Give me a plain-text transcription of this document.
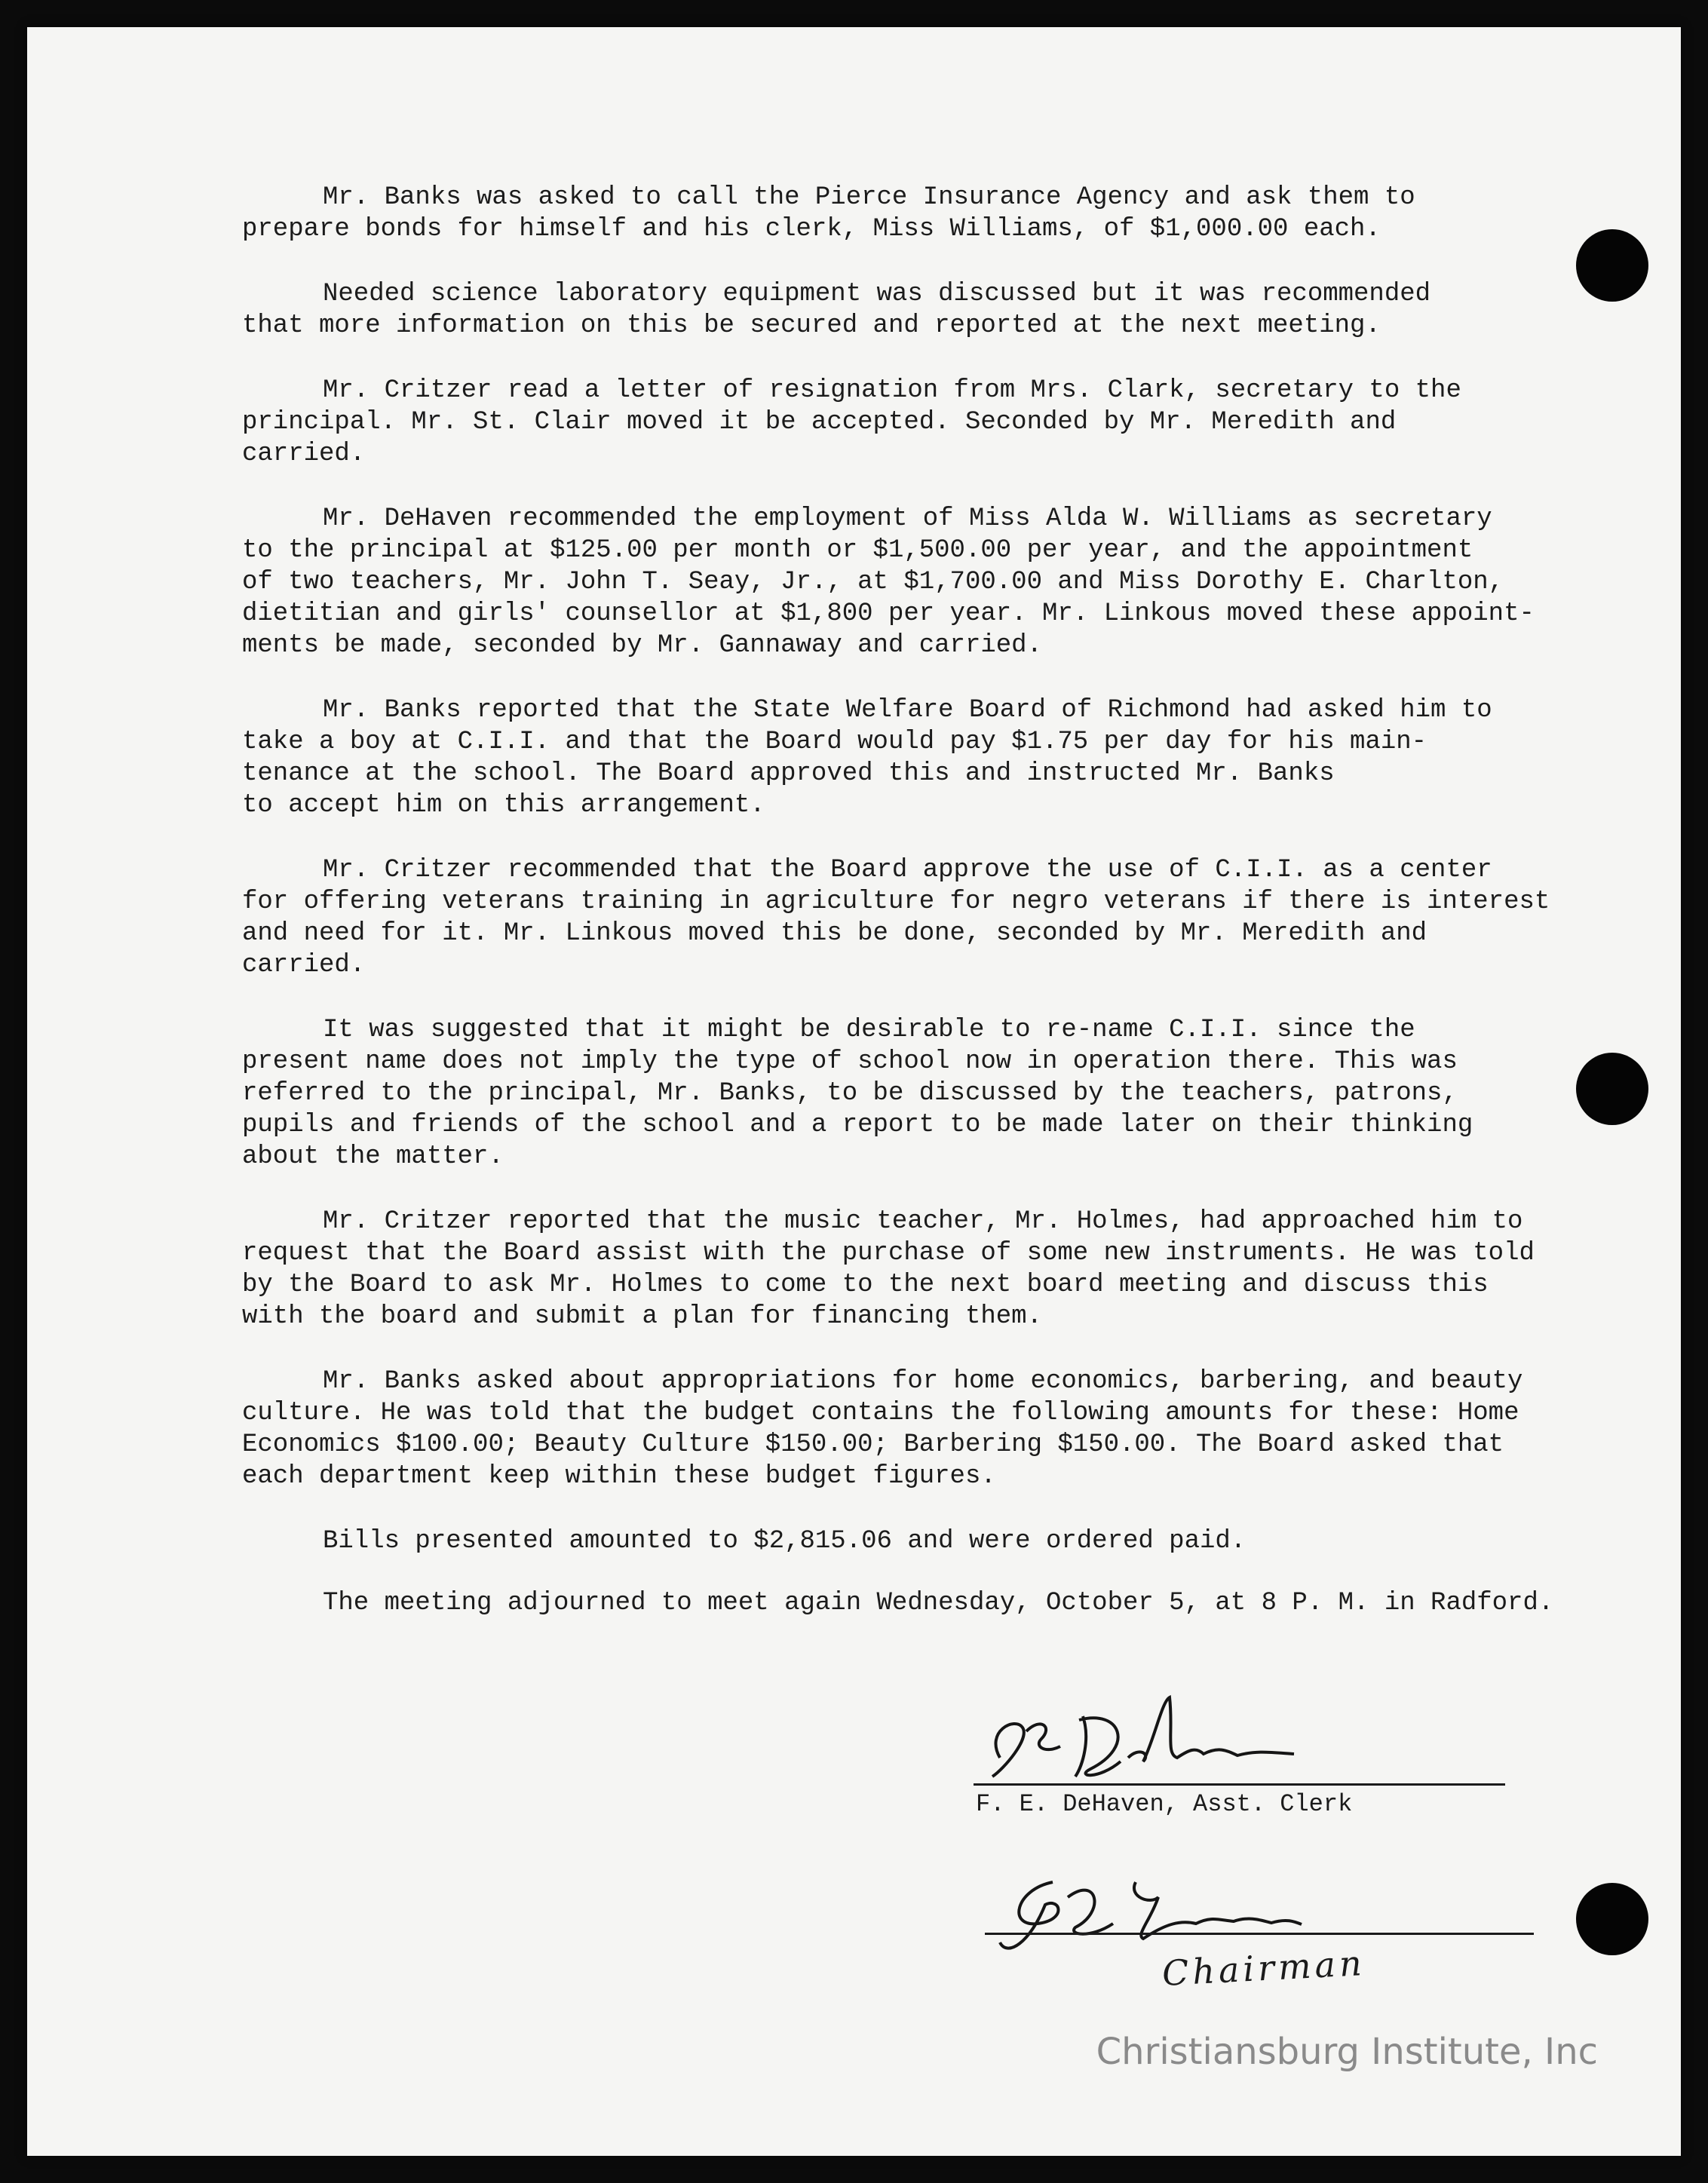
Mr. Banks was asked to call the Pierce Insurance Agency and ask them to
prepare bonds for himself and his clerk, Miss Williams, of $1,000.00 each.

Needed science laboratory equipment was discussed but it was recommended
that more information on this be secured and reported at the next meeting.

Mr. Critzer read a letter of resignation from Mrs. Clark, secretary to the
principal. Mr. St. Clair moved it be accepted. Seconded by Mr. Meredith and
carried.

Mr. DeHaven recommended the employment of Miss Alda W. Williams as secretary
to the principal at $125.00 per month or $1,500.00 per year, and the appointment
of two teachers, Mr. John T. Seay, Jr., at $1,700.00 and Miss Dorothy E. Charlton,
dietitian and girls' counsellor at $1,800 per year. Mr. Linkous moved these appoint-
ments be made, seconded by Mr. Gannaway and carried.

Mr. Banks reported that the State Welfare Board of Richmond had asked him to
take a boy at C.I.I. and that the Board would pay $1.75 per day for his main-
tenance at the school. The Board approved this and instructed Mr. Banks
to accept him on this arrangement.

Mr. Critzer recommended that the Board approve the use of C.I.I. as a center
for offering veterans training in agriculture for negro veterans if there is interest
and need for it. Mr. Linkous moved this be done, seconded by Mr. Meredith and
carried.

It was suggested that it might be desirable to re-name C.I.I. since the
present name does not imply the type of school now in operation there. This was
referred to the principal, Mr. Banks, to be discussed by the teachers, patrons,
pupils and friends of the school and a report to be made later on their thinking
about the matter.

Mr. Critzer reported that the music teacher, Mr. Holmes, had approached him to
request that the Board assist with the purchase of some new instruments. He was told
by the Board to ask Mr. Holmes to come to the next board meeting and discuss this
with the board and submit a plan for financing them.

Mr. Banks asked about appropriations for home economics, barbering, and beauty
culture. He was told that the budget contains the following amounts for these: Home
Economics $100.00; Beauty Culture $150.00; Barbering $150.00. The Board asked that
each department keep within these budget figures.

Bills presented amounted to $2,815.06 and were ordered paid.

The meeting adjourned to meet again Wednesday, October 5, at 8 P. M. in Radford.

F. E. DeHaven, Asst. Clerk
Chairman
Christiansburg Institute, Inc
